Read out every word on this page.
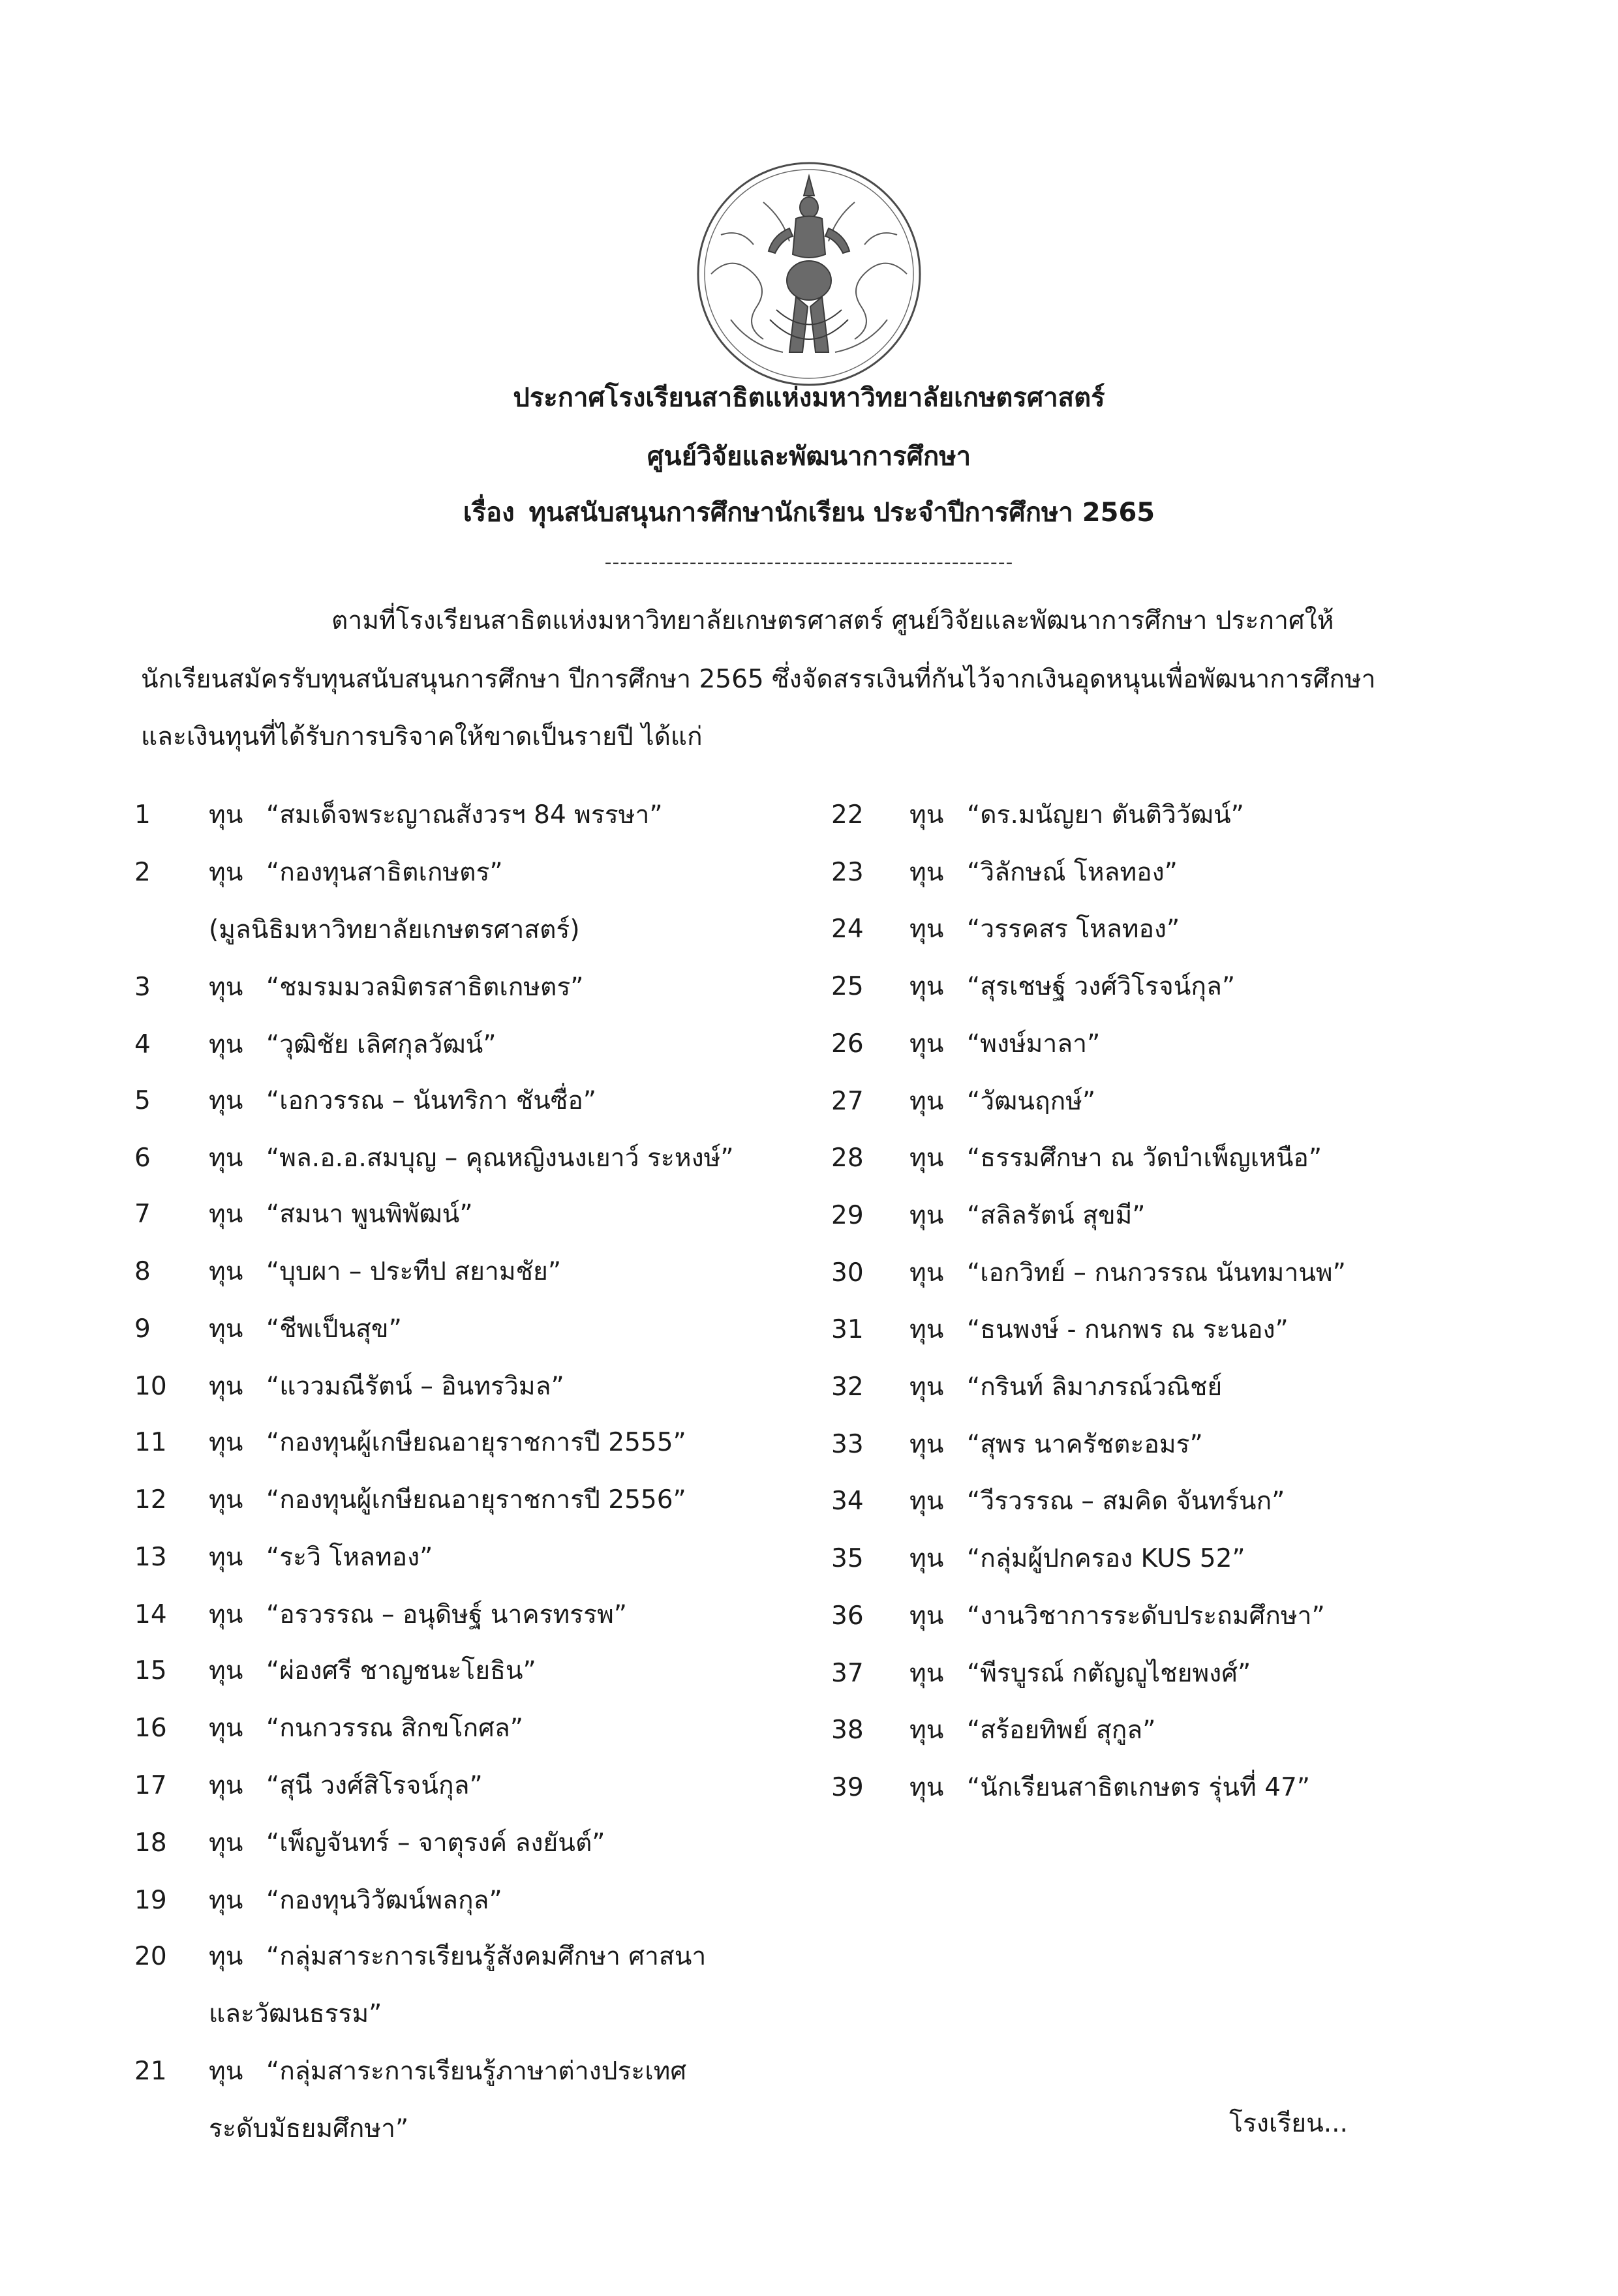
ประกาศโรงเรียนสาธิตแห่งมหาวิทยาลัยเกษตรศาสตร์
ศูนย์วิจัยและพัฒนาการศึกษา
เรื่อง ทุนสนับสนุนการศึกษานักเรียน ประจำปีการศึกษา 2565
-----------------------------------------------------
ตามที่โรงเรียนสาธิตแห่งมหาวิทยาลัยเกษตรศาสตร์ ศูนย์วิจัยและพัฒนาการศึกษา ประกาศให้
นักเรียนสมัครรับทุนสนับสนุนการศึกษา ปีการศึกษา 2565 ซึ่งจัดสรรเงินที่กันไว้จากเงินอุดหนุนเพื่อพัฒนาการศึกษา
และเงินทุนที่ได้รับการบริจาคให้ขาดเป็นรายปี ได้แก่
1 ทุน “สมเด็จพระญาณสังวรฯ 84 พรรษา”
2 ทุน “กองทุนสาธิตเกษตร”
(มูลนิธิมหาวิทยาลัยเกษตรศาสตร์)
3 ทุน “ชมรมมวลมิตรสาธิตเกษตร”
4 ทุน “วุฒิชัย เลิศกุลวัฒน์”
5 ทุน “เอกวรรณ – นันทริกา ชันซื่อ”
6 ทุน “พล.อ.อ.สมบุญ – คุณหญิงนงเยาว์ ระหงษ์”
7 ทุน “สมนา พูนพิพัฒน์”
8 ทุน “บุบผา – ประทีป สยามชัย”
9 ทุน “ชีพเป็นสุข”
10 ทุน “แววมณีรัตน์ – อินทรวิมล”
11 ทุน “กองทุนผู้เกษียณอายุราชการปี 2555”
12 ทุน “กองทุนผู้เกษียณอายุราชการปี 2556”
13 ทุน “ระวิ โหลทอง”
14 ทุน “อรวรรณ – อนุดิษฐ์ นาครทรรพ”
15 ทุน “ผ่องศรี ชาญชนะโยธิน”
16 ทุน “กนกวรรณ สิกขโกศล”
17 ทุน “สุนี วงศ์สิโรจน์กุล”
18 ทุน “เพ็ญจันทร์ – จาตุรงค์ ลงยันต์”
19 ทุน “กองทุนวิวัฒน์พลกุล”
20 ทุน “กลุ่มสาระการเรียนรู้สังคมศึกษา ศาสนา
และวัฒนธรรม”
21 ทุน “กลุ่มสาระการเรียนรู้ภาษาต่างประเทศ
ระดับมัธยมศึกษา”
22 ทุน “ดร.มนัญยา ตันติวิวัฒน์”
23 ทุน “วิลักษณ์ โหลทอง”
24 ทุน “วรรคสร โหลทอง”
25 ทุน “สุรเชษฐ์ วงศ์วิโรจน์กุล”
26 ทุน “พงษ์มาลา”
27 ทุน “วัฒนฤกษ์”
28 ทุน “ธรรมศึกษา ณ วัดบำเพ็ญเหนือ”
29 ทุน “สลิลรัตน์ สุขมี”
30 ทุน “เอกวิทย์ – กนกวรรณ นันทมานพ”
31 ทุน “ธนพงษ์ - กนกพร ณ ระนอง”
32 ทุน “กรินท์ ลิมาภรณ์วณิชย์
33 ทุน “สุพร นาครัชตะอมร”
34 ทุน “วีรวรรณ – สมคิด จันทร์นก”
35 ทุน “กลุ่มผู้ปกครอง KUS 52”
36 ทุน “งานวิชาการระดับประถมศึกษา”
37 ทุน “พีรบูรณ์ กตัญญูไชยพงศ์”
38 ทุน “สร้อยทิพย์ สุกูล”
39 ทุน “นักเรียนสาธิตเกษตร รุ่นที่ 47”
โรงเรียน...
